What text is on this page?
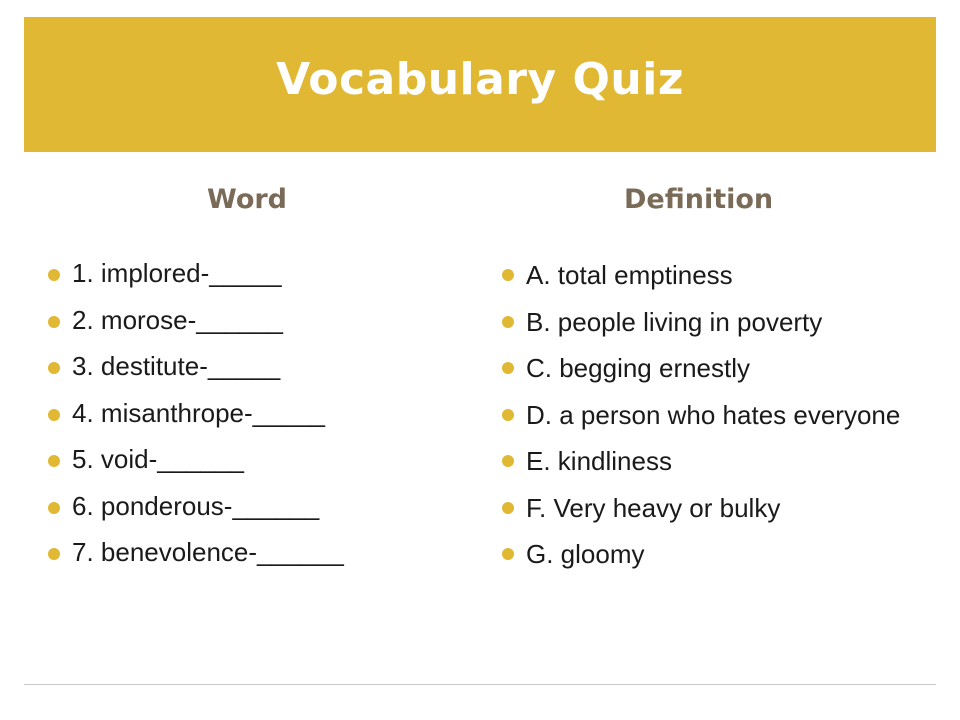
Vocabulary Quiz
Word	Definition
1. implored-_____
2. morose-______
3. destitute-_____
4. misanthrope-_____
5. void-______
6. ponderous-______
7. benevolence-______
A. total emptiness
B. people living in poverty
C. begging ernestly
D. a person who hates everyone
E. kindliness
F. Very heavy or bulky
G. gloomy
